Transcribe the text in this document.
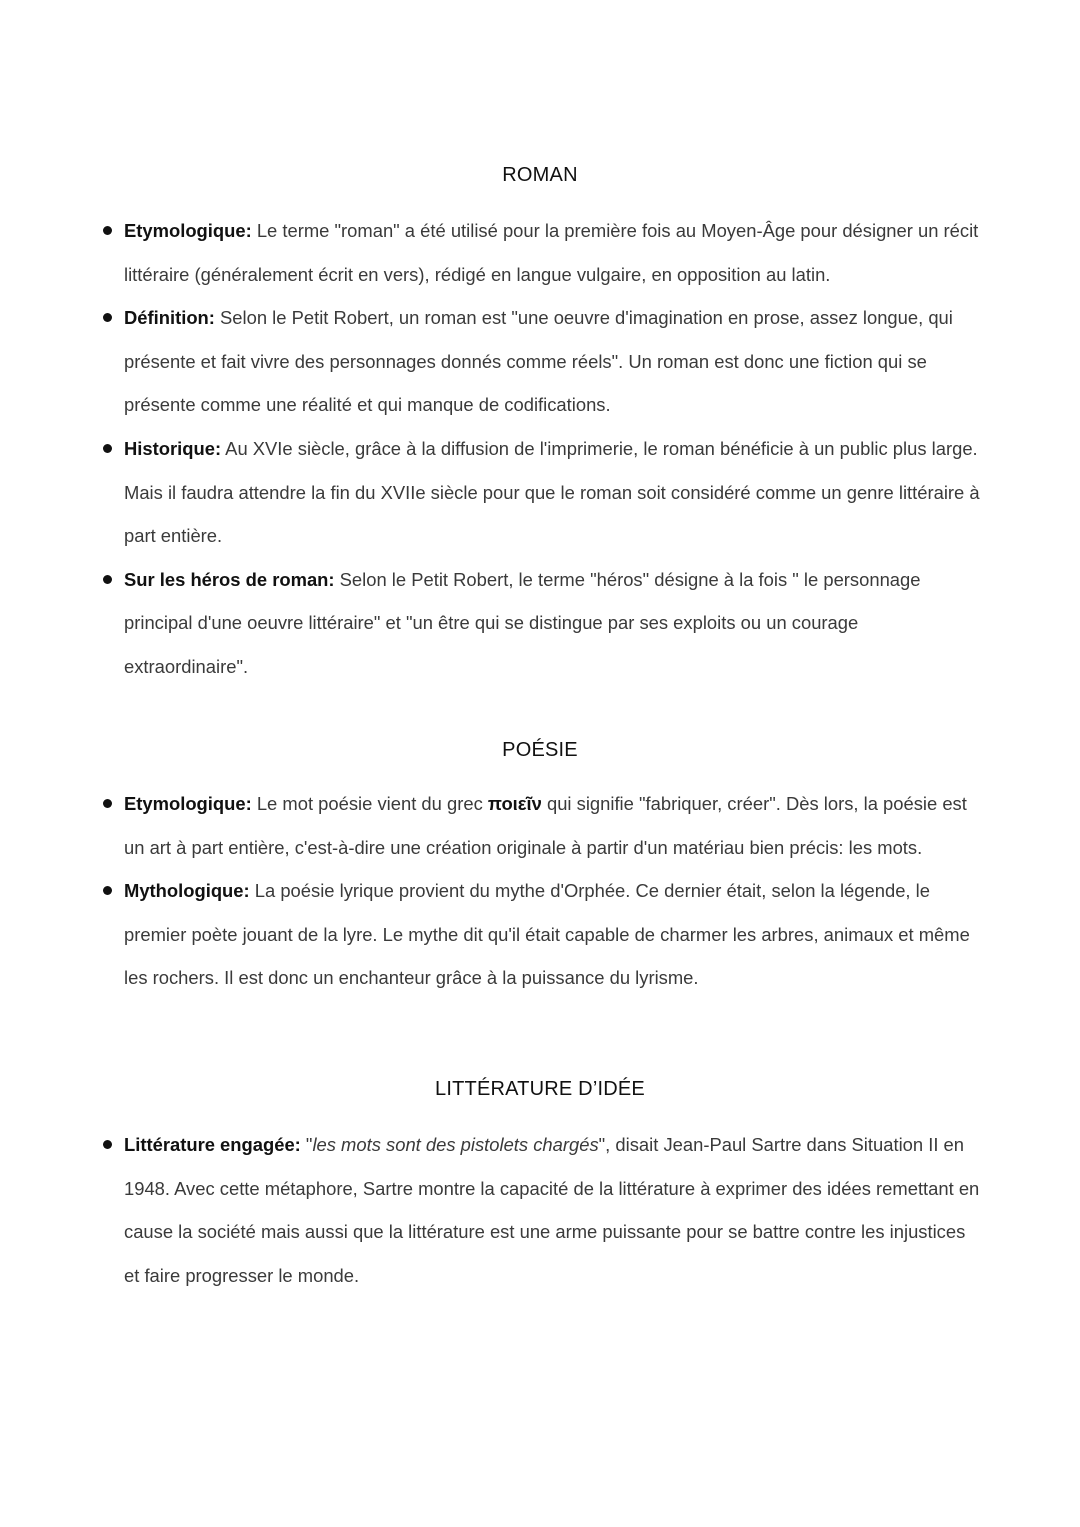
ROMAN
Etymologique: Le terme "roman" a été utilisé pour la première fois au Moyen-Âge pour désigner un récit littéraire (généralement écrit en vers), rédigé en langue vulgaire, en opposition au latin.
Définition: Selon le Petit Robert, un roman est "une oeuvre d'imagination en prose, assez longue, qui présente et fait vivre des personnages donnés comme réels". Un roman est donc une fiction qui se présente comme une réalité et qui manque de codifications.
Historique: Au XVIe siècle, grâce à la diffusion de l'imprimerie, le roman bénéficie à un public plus large. Mais il faudra attendre la fin du XVIIe siècle pour que le roman soit considéré comme un genre littéraire à part entière.
Sur les héros de roman: Selon le Petit Robert, le terme "héros" désigne à la fois " le personnage principal d'une oeuvre littéraire" et "un être qui se distingue par ses exploits ou un courage extraordinaire".
POÉSIE
Etymologique: Le mot poésie vient du grec ποιεῖν qui signifie "fabriquer, créer". Dès lors, la poésie est un art à part entière, c'est-à-dire une création originale à partir d'un matériau bien précis: les mots.
Mythologique: La poésie lyrique provient du mythe d'Orphée. Ce dernier était, selon la légende, le premier poète jouant de la lyre. Le mythe dit qu'il était capable de charmer les arbres, animaux et même les rochers. Il est donc un enchanteur grâce à la puissance du lyrisme.
LITTÉRATURE D’IDÉE
Littérature engagée: "les mots sont des pistolets chargés", disait Jean-Paul Sartre dans Situation II en 1948. Avec cette métaphore, Sartre montre la capacité de la littérature à exprimer des idées remettant en cause la société mais aussi que la littérature est une arme puissante pour se battre contre les injustices et faire progresser le monde.
